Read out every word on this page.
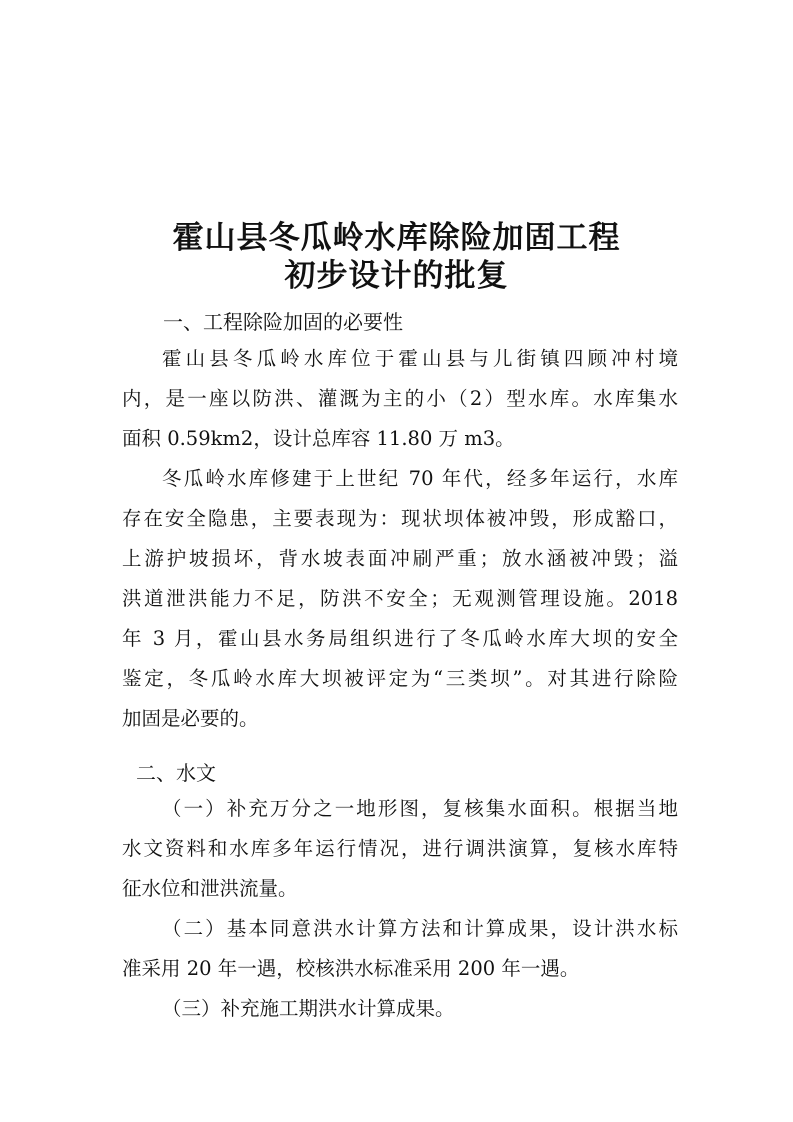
霍山县冬瓜岭水库除险加固工程
初步设计的批复
一、工程除险加固的必要性
霍山县冬瓜岭水库位于霍山县与儿街镇四顾冲村境
内，是一座以防洪、灌溉为主的小（2）型水库。水库集水
面积 0.59km2，设计总库容 11.80 万 m3。
冬瓜岭水库修建于上世纪 70 年代，经多年运行，水库
存在安全隐患，主要表现为：现状坝体被冲毁，形成豁口，
上游护坡损坏，背水坡表面冲刷严重；放水涵被冲毁；溢
洪道泄洪能力不足，防洪不安全；无观测管理设施。2018
年 3 月，霍山县水务局组织进行了冬瓜岭水库大坝的安全
鉴定，冬瓜岭水库大坝被评定为“三类坝”。对其进行除险
加固是必要的。
二、水文
（一）补充万分之一地形图，复核集水面积。根据当地
水文资料和水库多年运行情况，进行调洪演算，复核水库特
征水位和泄洪流量。
（二）基本同意洪水计算方法和计算成果，设计洪水标
准采用 20 年一遇，校核洪水标准采用 200 年一遇。
（三）补充施工期洪水计算成果。
